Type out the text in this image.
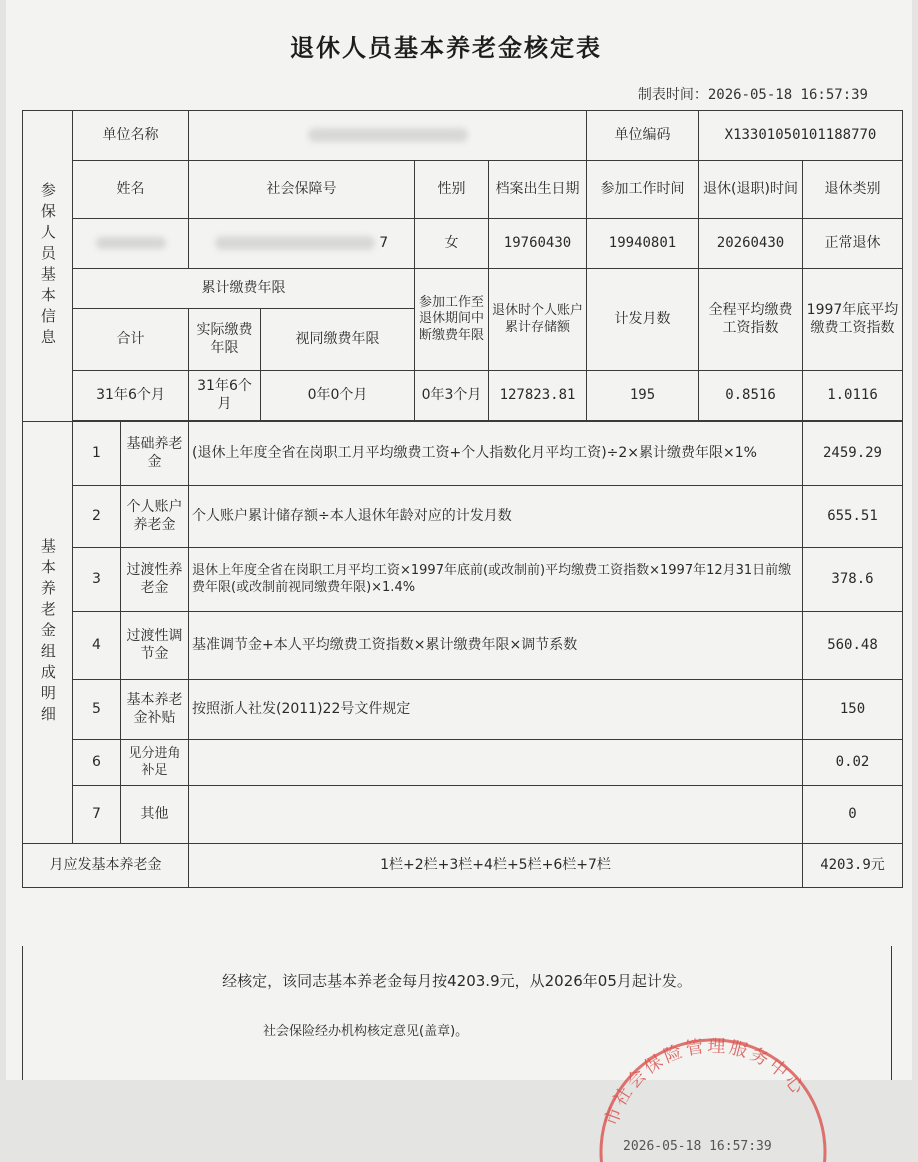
退休人员基本养老金核定表
制表时间：2026-05-18 16:57:39
参保人员基本信息	单位名称						单位编码	X13301050101188770	
	姓名		社会保障号		性别	档案出生日期	参加工作时间	退休(退职)时间	退休类别
			7		女	19760430	19940801	20260430	正常退休
	累计缴费年限				参加工作至退休期间中断缴费年限	退休时个人账户累计存储额	计发月数	全程平均缴费工资指数	1997年底平均缴费工资指数
	合计		实际缴费年限	视同缴费年限					
	31年6个月		31年6个月	0年0个月	0年3个月	127823.81	195	0.8516	1.0116

基本养老金组成明细	1	基础养老金	(退休上年度全省在岗职工月平均缴费工资+个人指数化月平均工资)÷2×累计缴费年限×1%						2459.29
	2	个人账户养老金	个人账户累计储存额÷本人退休年龄对应的计发月数						655.51
	3	过渡性养老金	退休上年度全省在岗职工月平均工资×1997年底前(或改制前)平均缴费工资指数×1997年12月31日前缴费年限(或改制前视同缴费年限)×1.4%						378.6
	4	过渡性调节金	基准调节金+本人平均缴费工资指数×累计缴费年限×调节系数						560.48
	5	基本养老金补贴	按照浙人社发(2011)22号文件规定						150
	6	见分进角补足							0.02
	7	其他							0
月应发基本养老金			1栏+2栏+3栏+4栏+5栏+6栏+7栏						4203.9元
经核定，该同志基本养老金每月按4203.9元，从2026年05月起计发。
社会保险经办机构核定意见(盖章)。
市社会保险管理服务中心
2026-05-18 16:57:39
